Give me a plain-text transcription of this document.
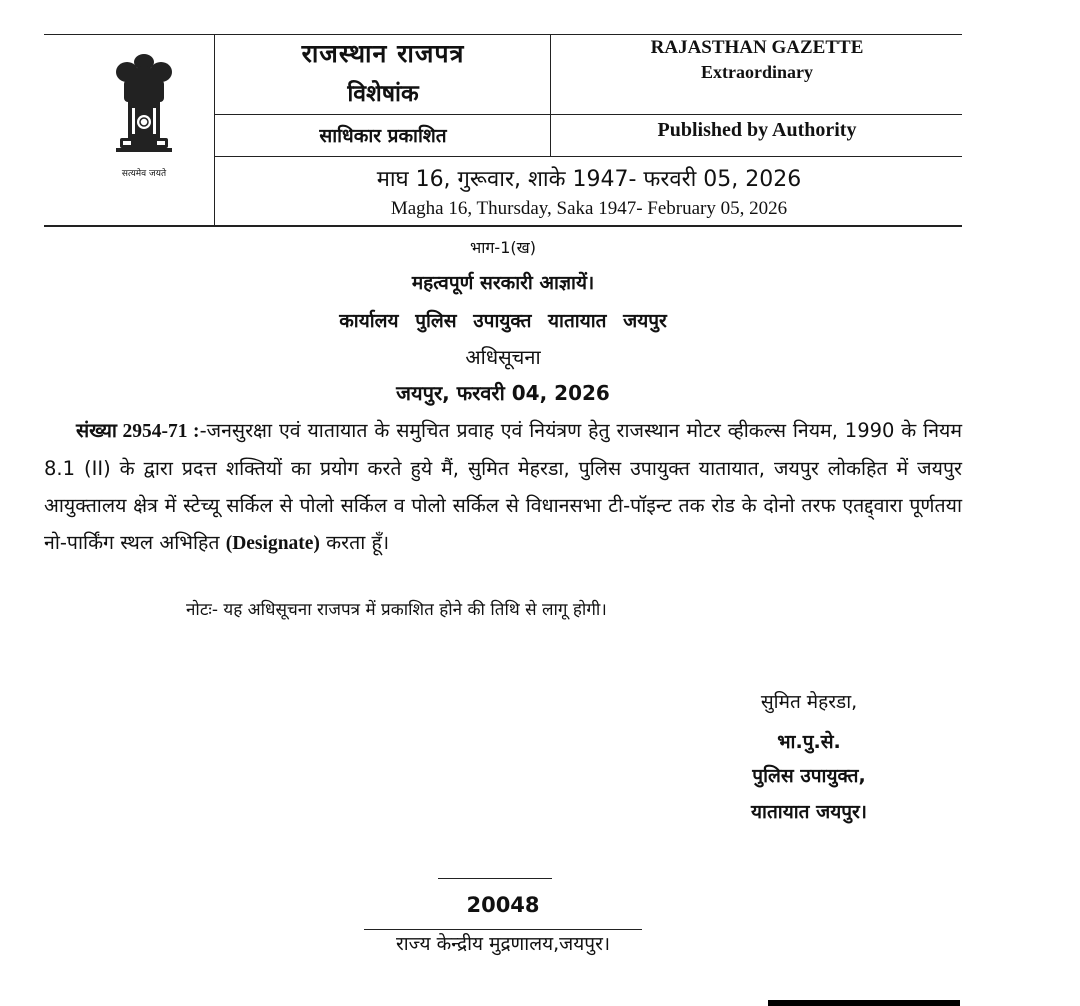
सत्यमेव जयते
राजस्थान राजपत्र
विशेषांक
RAJASTHAN GAZETTE
Extraordinary
साधिकार प्रकाशित	Published by Authority
माघ 16, गुरूवार, शाके 1947- फरवरी 05, 2026
Magha 16, Thursday, Saka 1947- February 05, 2026
भाग-1(ख)
महत्वपूर्ण सरकारी आज्ञायें।
कार्यालय पुलिस उपायुक्त यातायात जयपुर
अधिसूचना
जयपुर, फरवरी 04, 2026
संख्या 2954-71 :-जनसुरक्षा एवं यातायात के समुचित प्रवाह एवं नियंत्रण हेतु राजस्थान मोटर व्हीकल्स नियम, 1990 के नियम 8.1 (II) के द्वारा प्रदत्त शक्तियों का प्रयोग करते हुये मैं, सुमित मेहरडा, पुलिस उपायुक्त यातायात, जयपुर लोकहित में जयपुर आयुक्तालय क्षेत्र में स्टेच्यू सर्किल से पोलो सर्किल व पोलो सर्किल से विधानसभा टी-पॉइन्ट तक रोड के दोनो तरफ एतद्द्वारा पूर्णतया नो-पार्किंग स्थल अभिहित (Designate) करता हूँ।
नोटः- यह अधिसूचना राजपत्र में प्रकाशित होने की तिथि से लागू होगी।
सुमित मेहरडा,
भा.पु.से.
पुलिस उपायुक्त,
यातायात जयपुर।
20048
राज्य केन्द्रीय मुद्रणालय,जयपुर।
